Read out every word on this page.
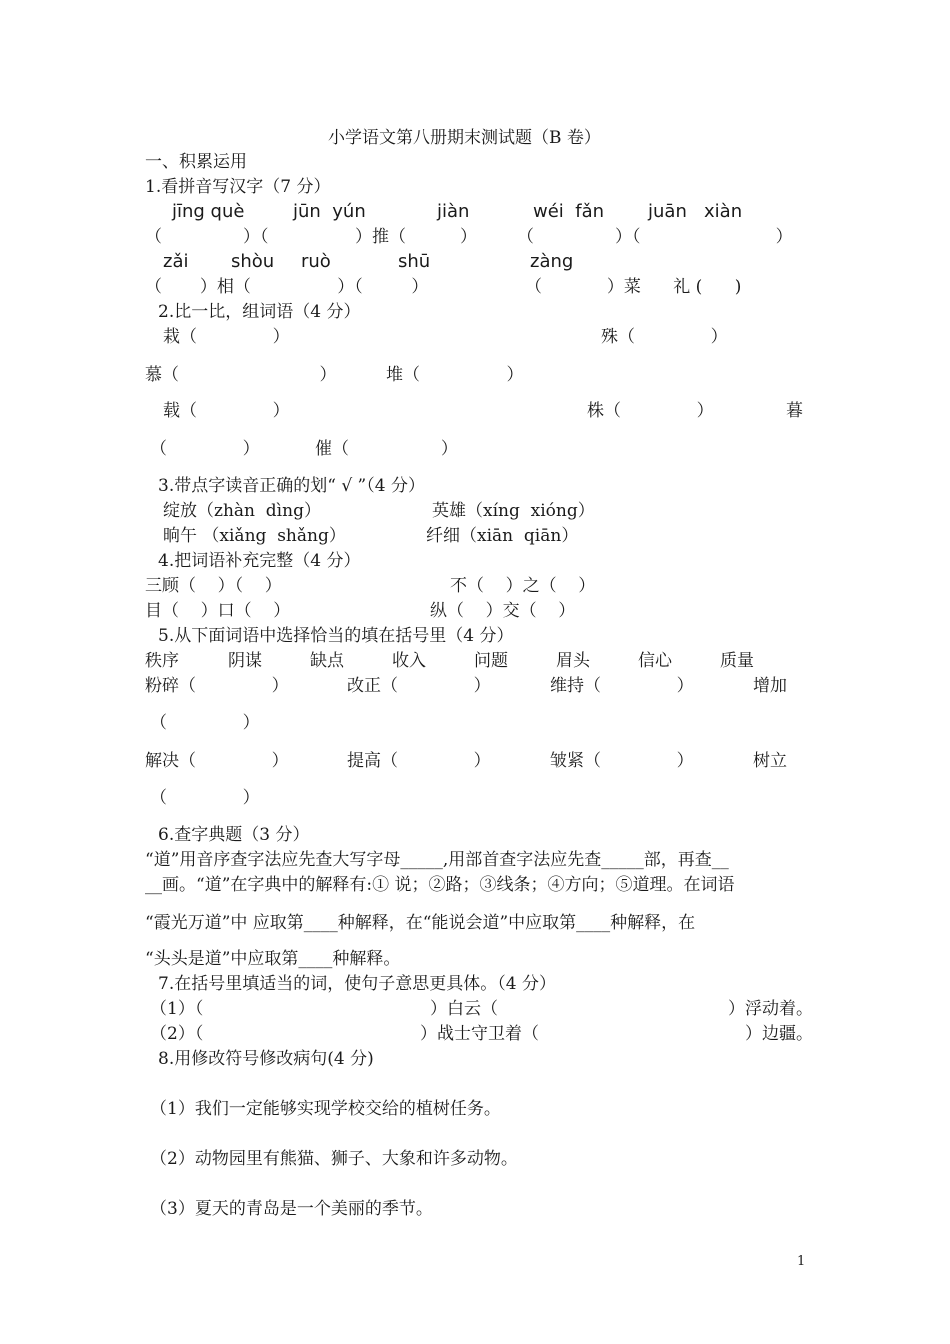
小学语文第八册期末测试题（B 卷）
一、积累运用
1.看拼音写汉字（7 分）
jīng què	jūn  yún	jiàn	wéi  fǎn juān   xiàn
（               ）（                ）推（          ） （               ）（                         ）
zǎi shòu ruò	shū	zàng
（       ）相（                ）（         ）	（            ）菜      礼 (      )
2.比一比，组词语（4 分）
栽（              ）	殊（              ）
慕（                          ）	堆（                ）
载（              ）	株（              ）	暮
（              ）	催（                 ）
3.带点字读音正确的划“ √ ”（4 分）
绽放（zhàn  dìng）	英雄（xíng  xióng）
晌午 （xiǎng  shǎng）	纤细（xiān  qiān）
4.把词语补充完整（4 分）
三顾（    ）（    ）	不（    ）之（    ）
目（    ）口（    ）	纵（    ）交（    ）
5.从下面词语中选择恰当的填在括号里（4 分）
秩序	阴谋	缺点	收入	问题	眉头	信心	质量
粉碎（              ）	改正（              ）	维持（              ）	增加
（              ）
解决（              ）	提高（              ）	皱紧（              ）	树立
（              ）
6.查字典题（3 分）
“道”用音序查字法应先查大写字母_____,用部首查字法应先查_____部，再查__
__画。“道”在字典中的解释有:① 说；②路；③线条；④方向；⑤道理。在词语
“霞光万道”中 应取第____种解释，在“能说会道”中应取第____种解释，在
“头头是道”中应取第____种解释。
7.在括号里填适当的词，使句子意思更具体。（4 分）
（1）（	）白云（	）浮动着。
（2）（	）战士守卫着（	）边疆。
8.用修改符号修改病句(4 分)
（1）我们一定能够实现学校交给的植树任务。
（2）动物园里有熊猫、狮子、大象和许多动物。
（3）夏天的青岛是一个美丽的季节。
1
